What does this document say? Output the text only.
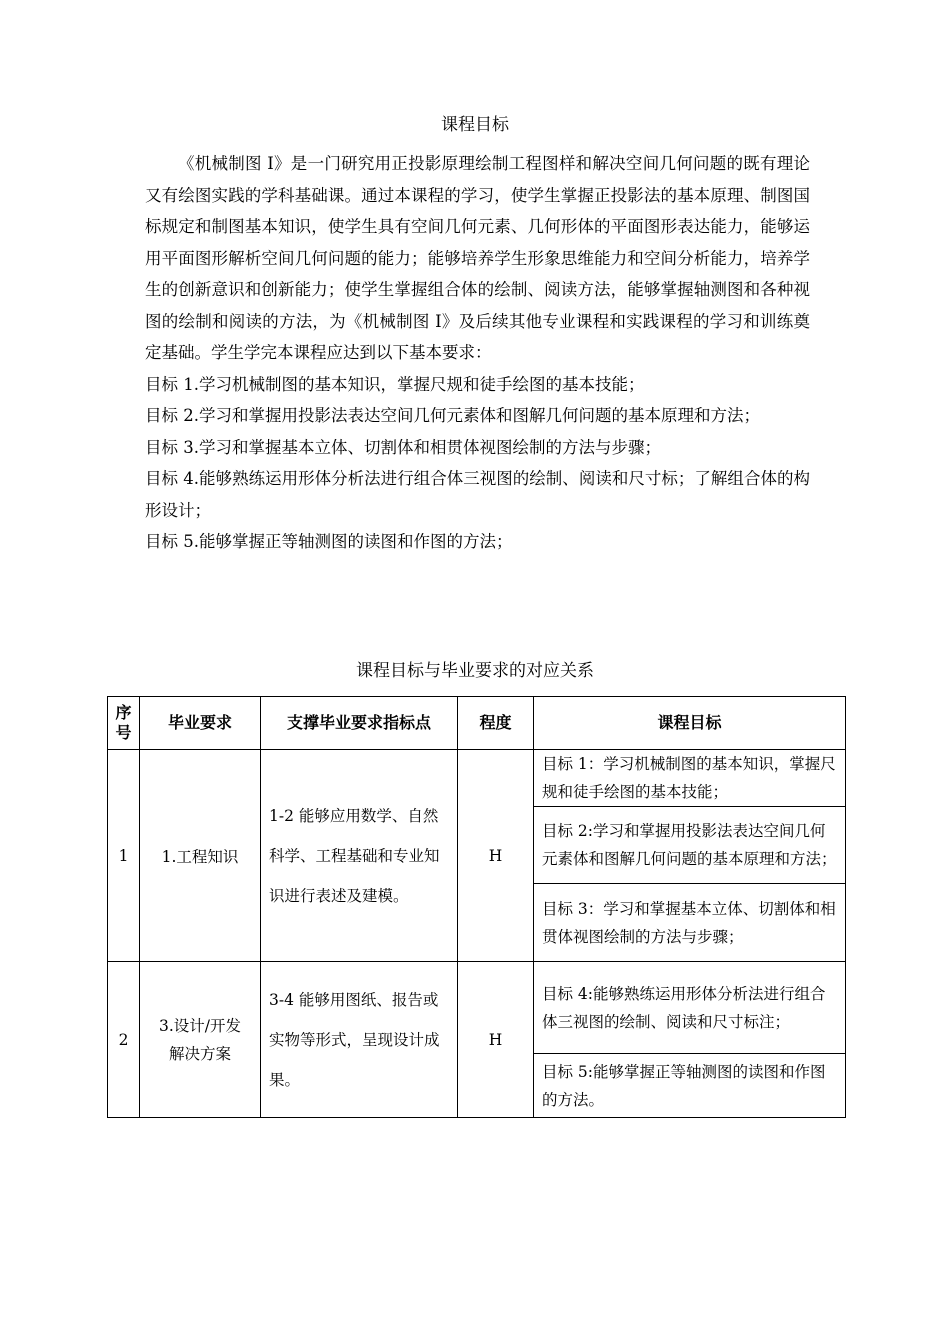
课程目标

《机械制图 I》是一门研究用正投影原理绘制工程图样和解决空间几何问题的既有理论又有绘图实践的学科基础课。通过本课程的学习，使学生掌握正投影法的基本原理、制图国标规定和制图基本知识，使学生具有空间几何元素、几何形体的平面图形表达能力，能够运用平面图形解析空间几何问题的能力；能够培养学生形象思维能力和空间分析能力，培养学生的创新意识和创新能力；使学生掌握组合体的绘制、阅读方法，能够掌握轴测图和各种视图的绘制和阅读的方法，为《机械制图 I》及后续其他专业课程和实践课程的学习和训练奠定基础。学生学完本课程应达到以下基本要求：

目标 1.学习机械制图的基本知识，掌握尺规和徒手绘图的基本技能；

目标 2.学习和掌握用投影法表达空间几何元素体和图解几何问题的基本原理和方法；

目标 3.学习和掌握基本立体、切割体和相贯体视图绘制的方法与步骤；

目标 4.能够熟练运用形体分析法进行组合体三视图的绘制、阅读和尺寸标；了解组合体的构形设计；

目标 5.能够掌握正等轴测图的读图和作图的方法；

课程目标与毕业要求的对应关系
序号	毕业要求	支撑毕业要求指标点	程度	课程目标
1	1.工程知识	1-2 能够应用数学、自然科学、工程基础和专业知识进行表述及建模。	H	目标 1：学习机械制图的基本知识，掌握尺规和徒手绘图的基本技能；
				目标 2:学习和掌握用投影法表达空间几何元素体和图解几何问题的基本原理和方法；
				目标 3：学习和掌握基本立体、切割体和相贯体视图绘制的方法与步骤；
2	3.设计/开发解决方案	3-4 能够用图纸、报告或实物等形式，呈现设计成果。	H	目标 4:能够熟练运用形体分析法进行组合体三视图的绘制、阅读和尺寸标注；
				目标 5:能够掌握正等轴测图的读图和作图的方法。
